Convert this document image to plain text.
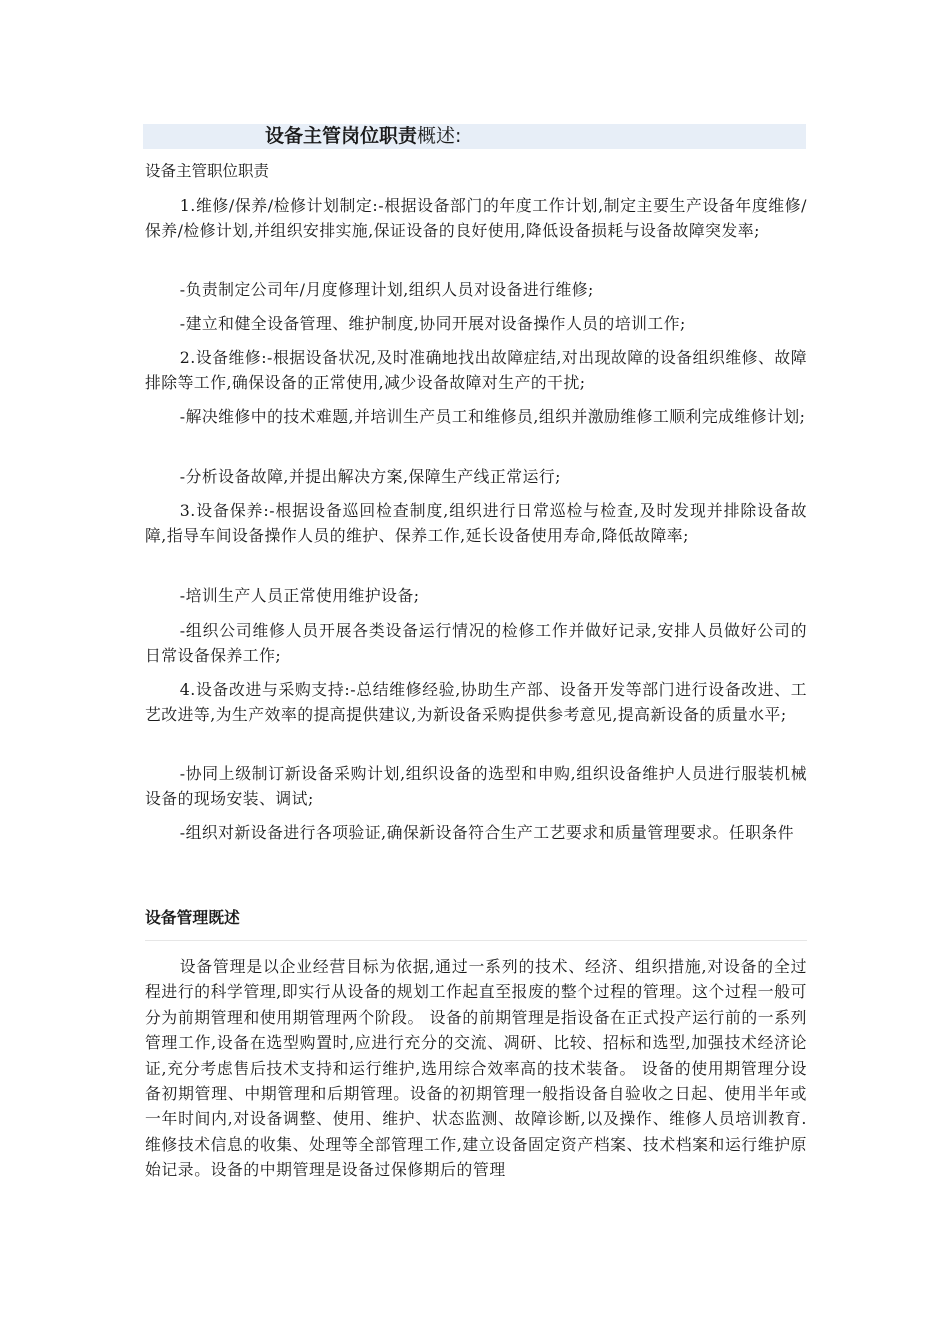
设备主管岗位职责概述:
设备主管职位职责
1.维修/保养/检修计划制定:-根据设备部门的年度工作计划,制定主要生产设备年度维修/保养/检修计划,并组织安排实施,保证设备的良好使用,降低设备损耗与设备故障突发率;
-负责制定公司年/月度修理计划,组织人员对设备进行维修;
-建立和健全设备管理、维护制度,协同开展对设备操作人员的培训工作;
2.设备维修:-根据设备状况,及时准确地找出故障症结,对出现故障的设备组织维修、故障排除等工作,确保设备的正常使用,减少设备故障对生产的干扰;
-解决维修中的技术难题,并培训生产员工和维修员,组织并激励维修工顺利完成维修计划;
-分析设备故障,并提出解决方案,保障生产线正常运行;
3.设备保养:-根据设备巡回检查制度,组织进行日常巡检与检查,及时发现并排除设备故障,指导车间设备操作人员的维护、保养工作,延长设备使用寿命,降低故障率;
-培训生产人员正常使用维护设备;
-组织公司维修人员开展各类设备运行情况的检修工作并做好记录,安排人员做好公司的日常设备保养工作;
4.设备改进与采购支持:-总结维修经验,协助生产部、设备开发等部门进行设备改进、工艺改进等,为生产效率的提高提供建议,为新设备采购提供参考意见,提高新设备的质量水平;
-协同上级制订新设备采购计划,组织设备的选型和申购,组织设备维护人员进行服装机械设备的现场安装、调试;
-组织对新设备进行各项验证,确保新设备符合生产工艺要求和质量管理要求。任职条件
设备管理既述
设备管理是以企业经营目标为依据,通过一系列的技术、经济、组织措施,对设备的全过程进行的科学管理,即实行从设备的规划工作起直至报废的整个过程的管理。这个过程一般可分为前期管理和使用期管理两个阶段。 设备的前期管理是指设备在正式投产运行前的一系列管理工作,设备在选型购置时,应进行充分的交流、凋研、比较、招标和选型,加强技术经济论证,充分考虑售后技术支持和运行维护,选用综合效率高的技术装备。 设备的使用期管理分设备初期管理、中期管理和后期管理。设备的初期管理一般指设备自验收之日起、使用半年或一年时间内,对设备调整、使用、维护、状态监测、故障诊断,以及操作、维修人员培训教育.维修技术信息的收集、处理等全部管理工作,建立设备固定资产档案、技术档案和运行维护原始记录。设备的中期管理是设备过保修期后的管理
